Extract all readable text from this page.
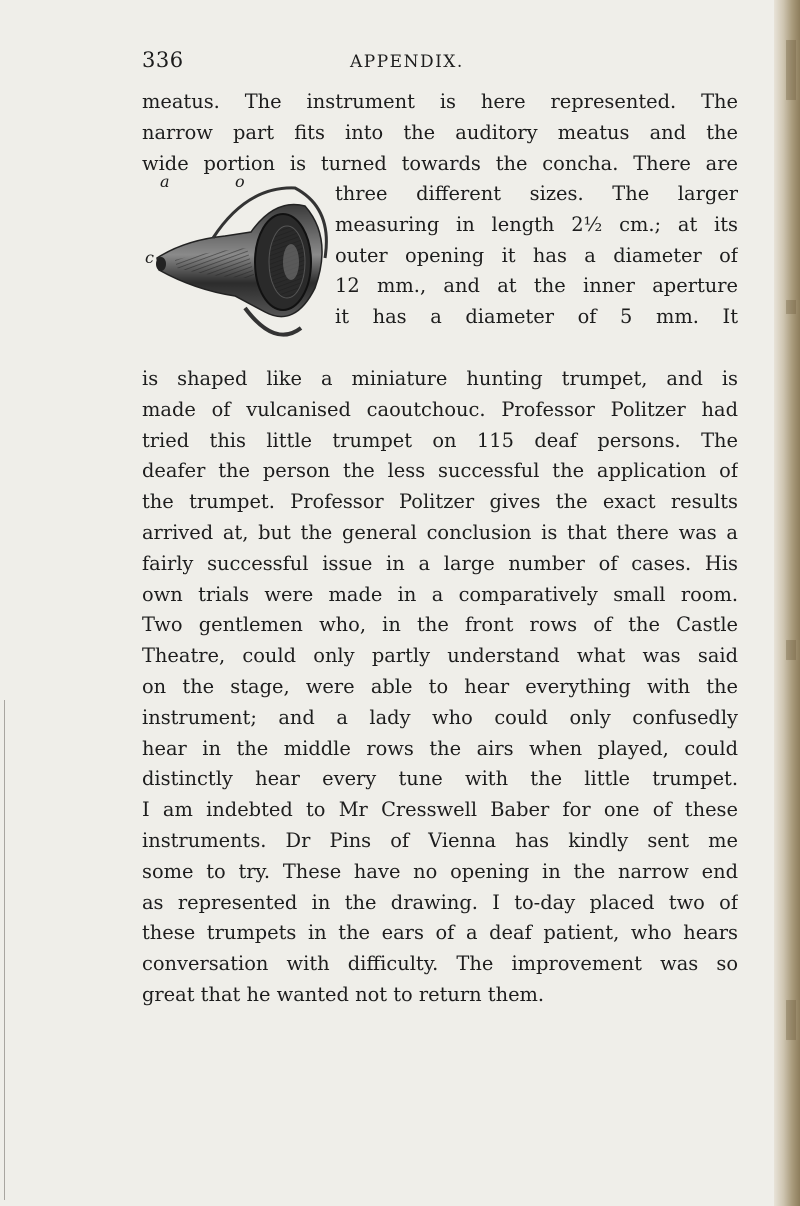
336	APPENDIX.
meatus. The instrument is here represented. The
narrow part fits into the auditory meatus and the
wide portion is turned towards the concha. There are
a	o
c
three different sizes. The larger
measuring in length 2½ cm.; at its
outer opening it has a diameter of
12 mm., and at the inner aperture
it has a diameter of 5 mm. It
is shaped like a miniature hunting trumpet, and is
made of vulcanised caoutchouc. Professor Politzer had
tried this little trumpet on 115 deaf persons. The
deafer the person the less successful the application of
the trumpet. Professor Politzer gives the exact results
arrived at, but the general conclusion is that there was a
fairly successful issue in a large number of cases. His
own trials were made in a comparatively small room.
Two gentlemen who, in the front rows of the Castle
Theatre, could only partly understand what was said
on the stage, were able to hear everything with the
instrument; and a lady who could only confusedly
hear in the middle rows the airs when played, could
distinctly hear every tune with the little trumpet.
I am indebted to Mr Cresswell Baber for one of these
instruments. Dr Pins of Vienna has kindly sent me
some to try. These have no opening in the narrow end
as represented in the drawing. I to-day placed two of
these trumpets in the ears of a deaf patient, who hears
conversation with difficulty. The improvement was so
great that he wanted not to return them.
